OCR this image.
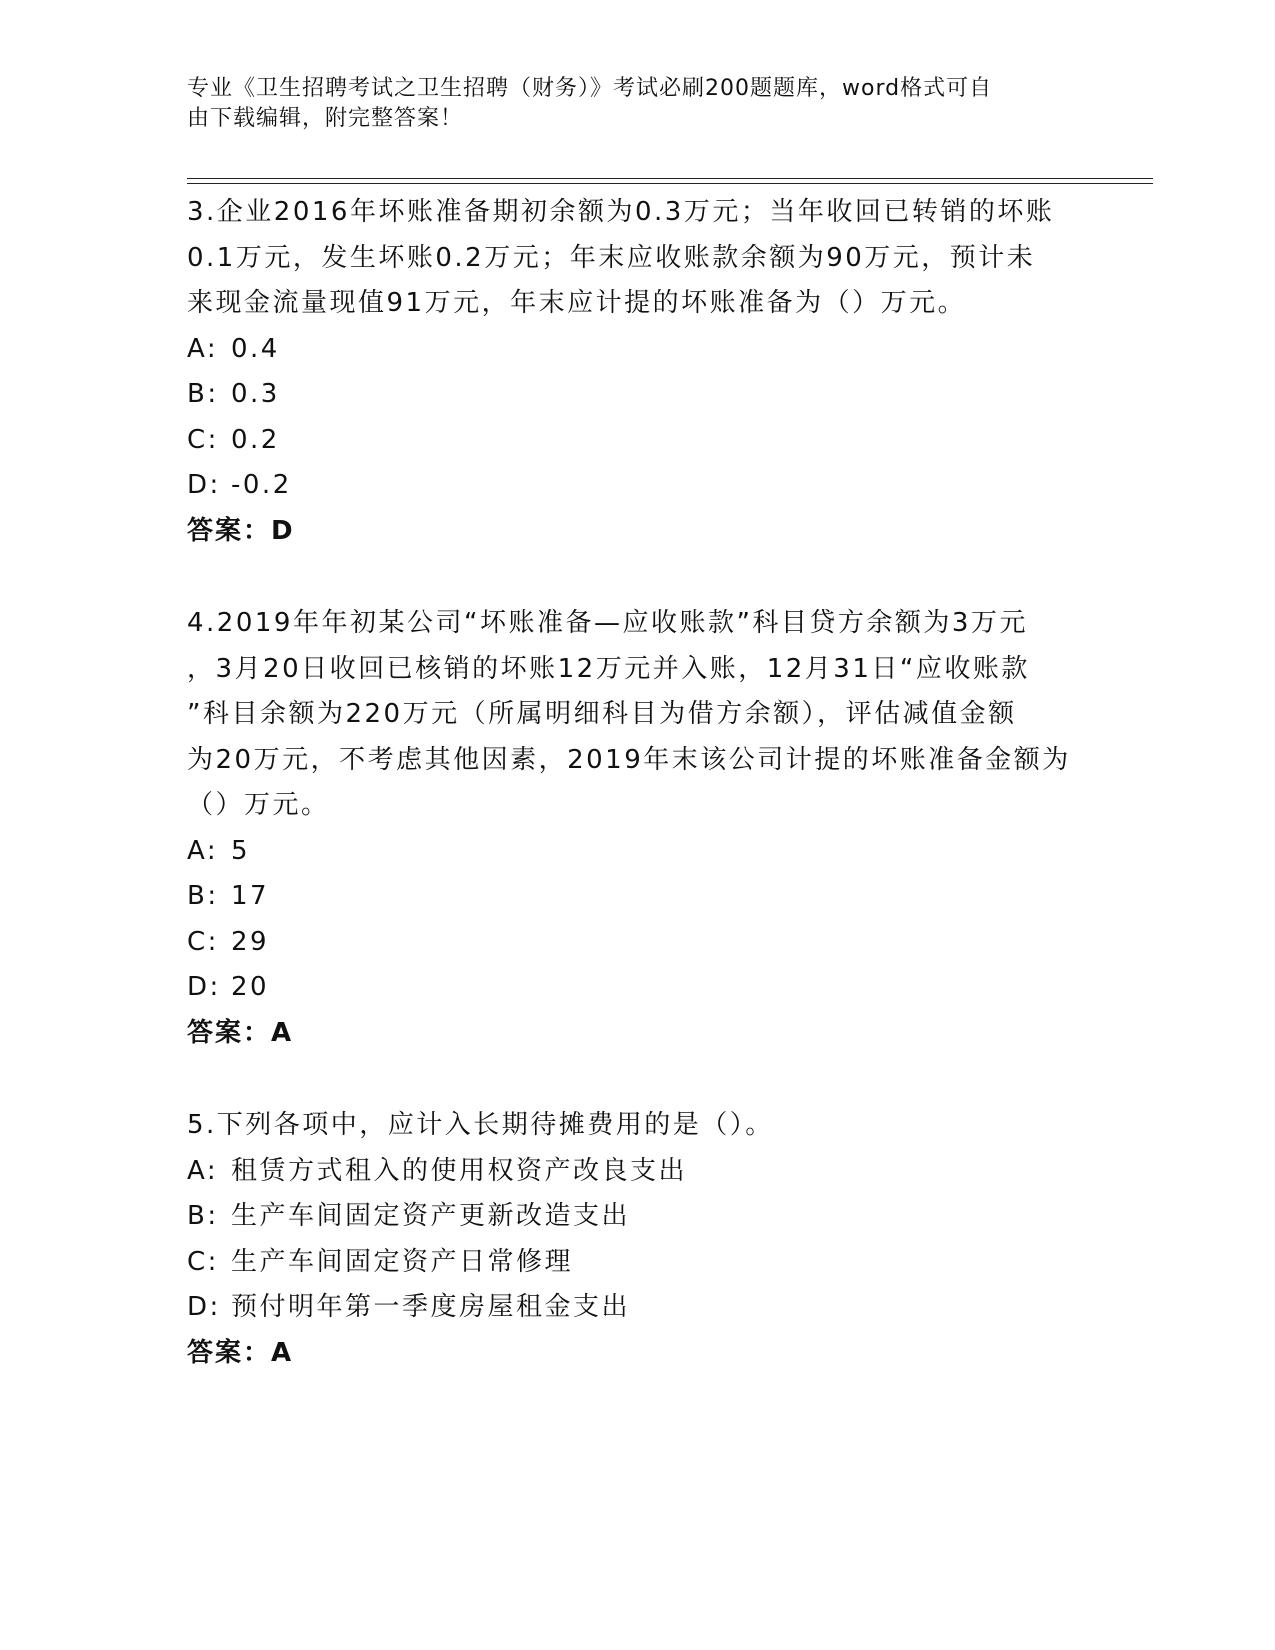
专业《卫生招聘考试之卫生招聘（财务）》考试必刷200题题库，word格式可自
由下载编辑，附完整答案！

3.企业2016年坏账准备期初余额为0.3万元；当年收回已转销的坏账

0.1万元，发生坏账0.2万元；年末应收账款余额为90万元，预计未

来现金流量现值91万元，年末应计提的坏账准备为（）万元。

A: 0.4

B: 0.3

C: 0.2

D: -0.2

答案：D

4.2019年年初某公司“坏账准备—应收账款”科目贷方余额为3万元

，3月20日收回已核销的坏账12万元并入账，12月31日“应收账款

”科目余额为220万元（所属明细科目为借方余额），评估减值金额

为20万元，不考虑其他因素，2019年末该公司计提的坏账准备金额为

（）万元。

A: 5

B: 17

C: 29

D: 20

答案：A

5.下列各项中，应计入长期待摊费用的是（）。

A: 租赁方式租入的使用权资产改良支出

B: 生产车间固定资产更新改造支出

C: 生产车间固定资产日常修理

D: 预付明年第一季度房屋租金支出

答案：A
